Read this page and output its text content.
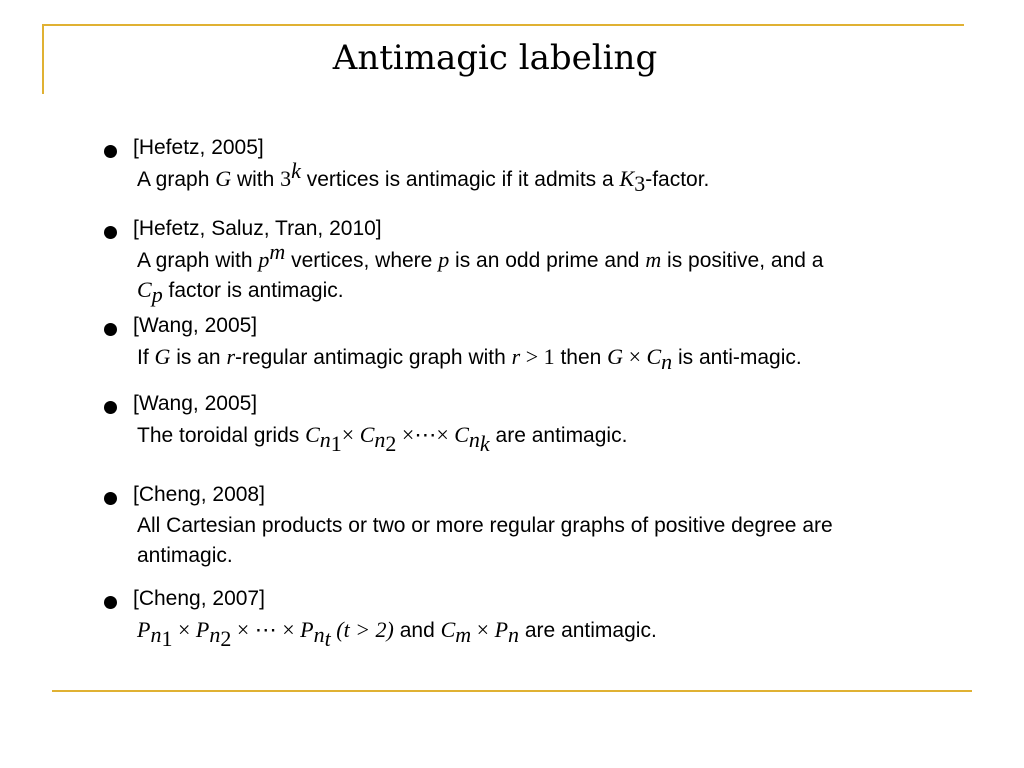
Antimagic labeling
[Hefetz, 2005]
A graph G with 3$^k$ vertices is antimagic if it admits a $K_3$-factor.
[Hefetz, Saluz, Tran, 2010]
A graph with $p^m$ vertices, where p is an odd prime and m is positive, and a
$C_p$ factor is antimagic.
[Wang, 2005]
If G is an r-regular antimagic graph with r > 1 then $G \times C_n$ is anti-magic.
[Wang, 2005]
The toroidal grids $C_{n_1}\times C_{n_2}$ ×⋯× $C_{n_k}$ are antimagic.
[Cheng, 2008]
All Cartesian products or two or more regular graphs of positive degree are
antimagic.
[Cheng, 2007]
$P_{n_1} \times P_{n_2}$ × ⋯ × $P_{n_t}$ (t > 2) and $C_m \times P_n$ are antimagic.
